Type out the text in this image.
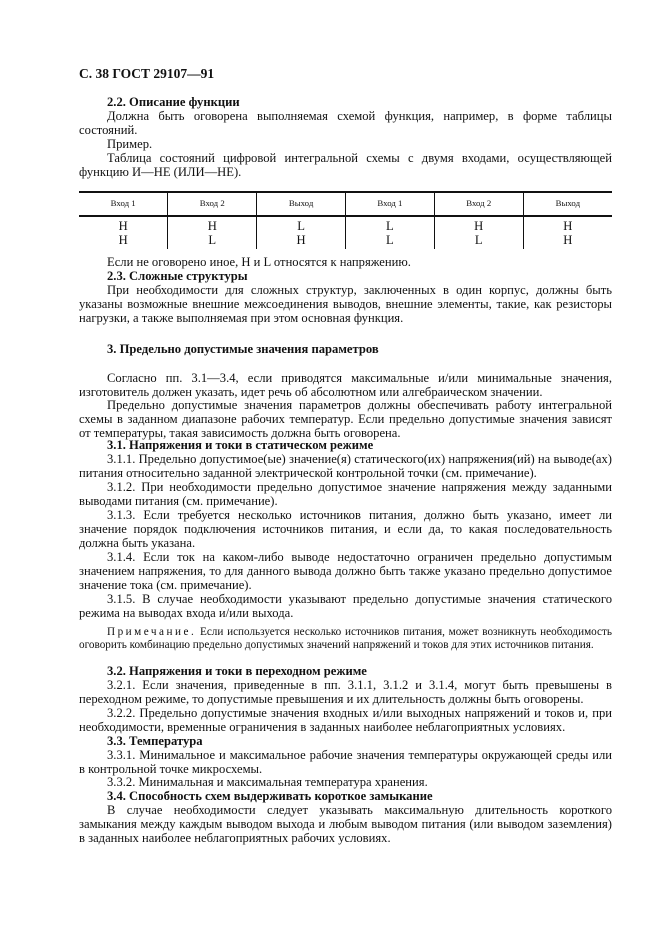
С. 38 ГОСТ 29107—91
2.2. Описание функции
Должна быть оговорена выполняемая схемой функция, например, в форме таблицы состояний.
Пример.
Таблица состояний цифровой интегральной схемы с двумя входами, осуществляющей функцию И—НЕ (ИЛИ—НЕ).
Вход 1	Вход 2	Выход	Вход 1	Вход 2	Выход
H	H	L	L	H	H
H	L	H	L	L	H
Если не оговорено иное, H и L относятся к напряжению.
2.3. Сложные структуры
При необходимости для сложных структур, заключенных в один корпус, должны быть указаны возможные внешние межсоединения выводов, внешние элементы, такие, как резисторы нагрузки, а также выполняемая при этом основная функция.
3. Предельно допустимые значения параметров
Согласно пп. 3.1—3.4, если приводятся максимальные и/или минимальные значения, изготовитель должен указать, идет речь об абсолютном или алгебраическом значении.
Предельно допустимые значения параметров должны обеспечивать работу интегральной схемы в заданном диапазоне рабочих температур. Если предельно допустимые значения зависят от температуры, такая зависимость должна быть оговорена.
3.1. Напряжения и токи в статическом режиме
3.1.1. Предельно допустимое(ые) значение(я) статического(их) напряжения(ий) на выводе(ах) питания относительно заданной электрической контрольной точки (см. примечание).
3.1.2. При необходимости предельно допустимое значение напряжения между заданными выводами питания (см. примечание).
3.1.3. Если требуется несколько источников питания, должно быть указано, имеет ли значение порядок подключения источников питания, и если да, то какая последовательность должна быть указана.
3.1.4. Если ток на каком-либо выводе недостаточно ограничен предельно допустимым значением напряжения, то для данного вывода должно быть также указано предельно допустимое значение тока (см. примечание).
3.1.5. В случае необходимости указывают предельно допустимые значения статического режима на выводах входа и/или выхода.
Примечание. Если используется несколько источников питания, может возникнуть необходимость оговорить комбинацию предельно допустимых значений напряжений и токов для этих источников питания.
3.2. Напряжения и токи в переходном режиме
3.2.1. Если значения, приведенные в пп. 3.1.1, 3.1.2 и 3.1.4, могут быть превышены в переходном режиме, то допустимые превышения и их длительность должны быть оговорены.
3.2.2. Предельно допустимые значения входных и/или выходных напряжений и токов и, при необходимости, временные ограничения в заданных наиболее неблагоприятных условиях.
3.3. Температура
3.3.1. Минимальное и максимальное рабочие значения температуры окружающей среды или в контрольной точке микросхемы.
3.3.2. Минимальная и максимальная температура хранения.
3.4. Способность схем выдерживать короткое замыкание
В случае необходимости следует указывать максимальную длительность короткого замыкания между каждым выводом выхода и любым выводом питания (или выводом заземления) в заданных наиболее неблагоприятных рабочих условиях.
